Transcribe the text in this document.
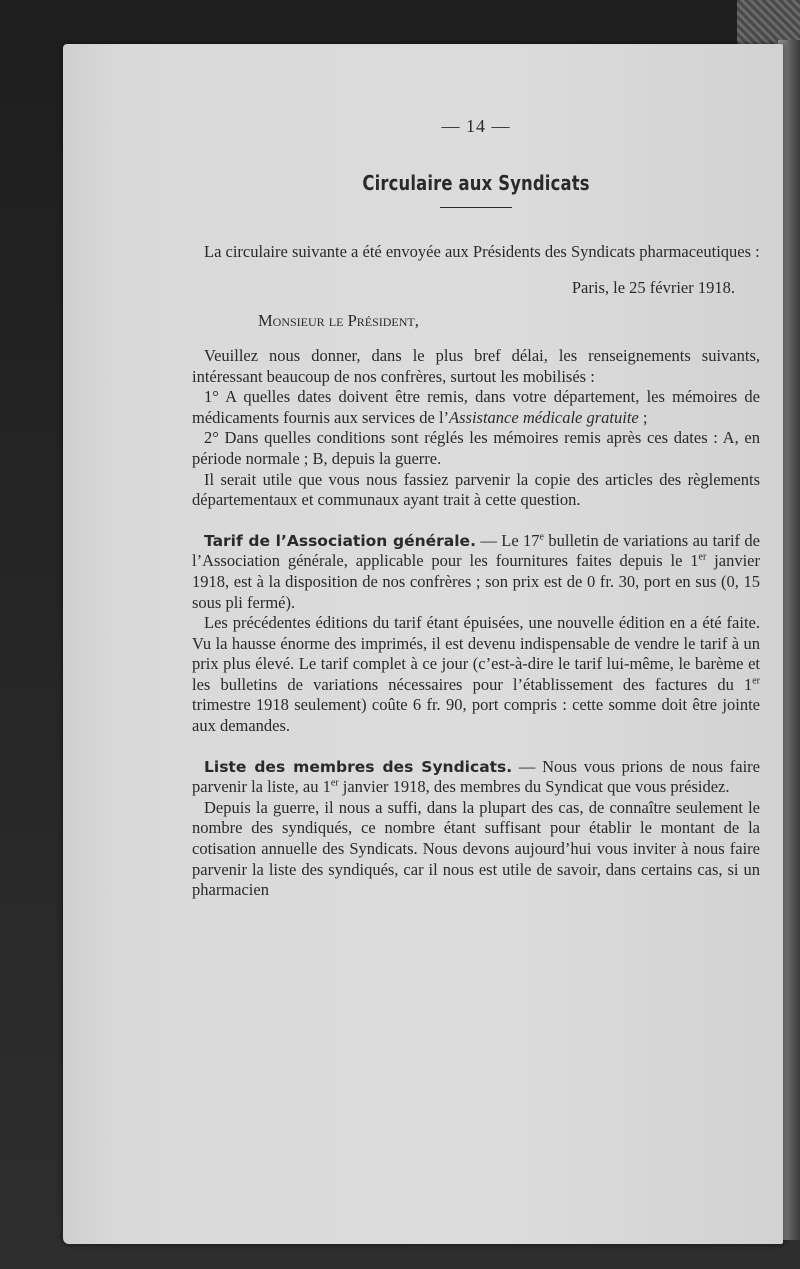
— 14 —
Circulaire aux Syndicats

La circulaire suivante a été envoyée aux Présidents des Syndicats pharmaceutiques :

Paris, le 25 février 1918.

Monsieur le Président,

Veuillez nous donner, dans le plus bref délai, les renseignements suivants, intéressant beaucoup de nos confrères, surtout les mobilisés :

1° A quelles dates doivent être remis, dans votre département, les mémoires de médicaments fournis aux services de l’Assistance médicale gratuite ;

2° Dans quelles conditions sont réglés les mémoires remis après ces dates : A, en période normale ; B, depuis la guerre.

Il serait utile que vous nous fassiez parvenir la copie des articles des règlements départementaux et communaux ayant trait à cette question.

Tarif de l’Association générale. — Le 17e bulletin de variations au tarif de l’Association générale, applicable pour les fournitures faites depuis le 1er janvier 1918, est à la disposition de nos confrères ; son prix est de 0 fr. 30, port en sus (0, 15 sous pli fermé).

Les précédentes éditions du tarif étant épuisées, une nouvelle édition en a été faite. Vu la hausse énorme des imprimés, il est devenu indispensable de vendre le tarif à un prix plus élevé. Le tarif complet à ce jour (c’est-à-dire le tarif lui-même, le barème et les bulletins de variations nécessaires pour l’établissement des factures du 1er trimestre 1918 seulement) coûte 6 fr. 90, port compris : cette somme doit être jointe aux demandes.

Liste des membres des Syndicats. — Nous vous prions de nous faire parvenir la liste, au 1er janvier 1918, des membres du Syndicat que vous présidez.

Depuis la guerre, il nous a suffi, dans la plupart des cas, de connaître seulement le nombre des syndiqués, ce nombre étant suffisant pour établir le montant de la cotisation annuelle des Syndicats. Nous devons aujourd’hui vous inviter à nous faire parvenir la liste des syndiqués, car il nous est utile de savoir, dans certains cas, si un pharmacien
